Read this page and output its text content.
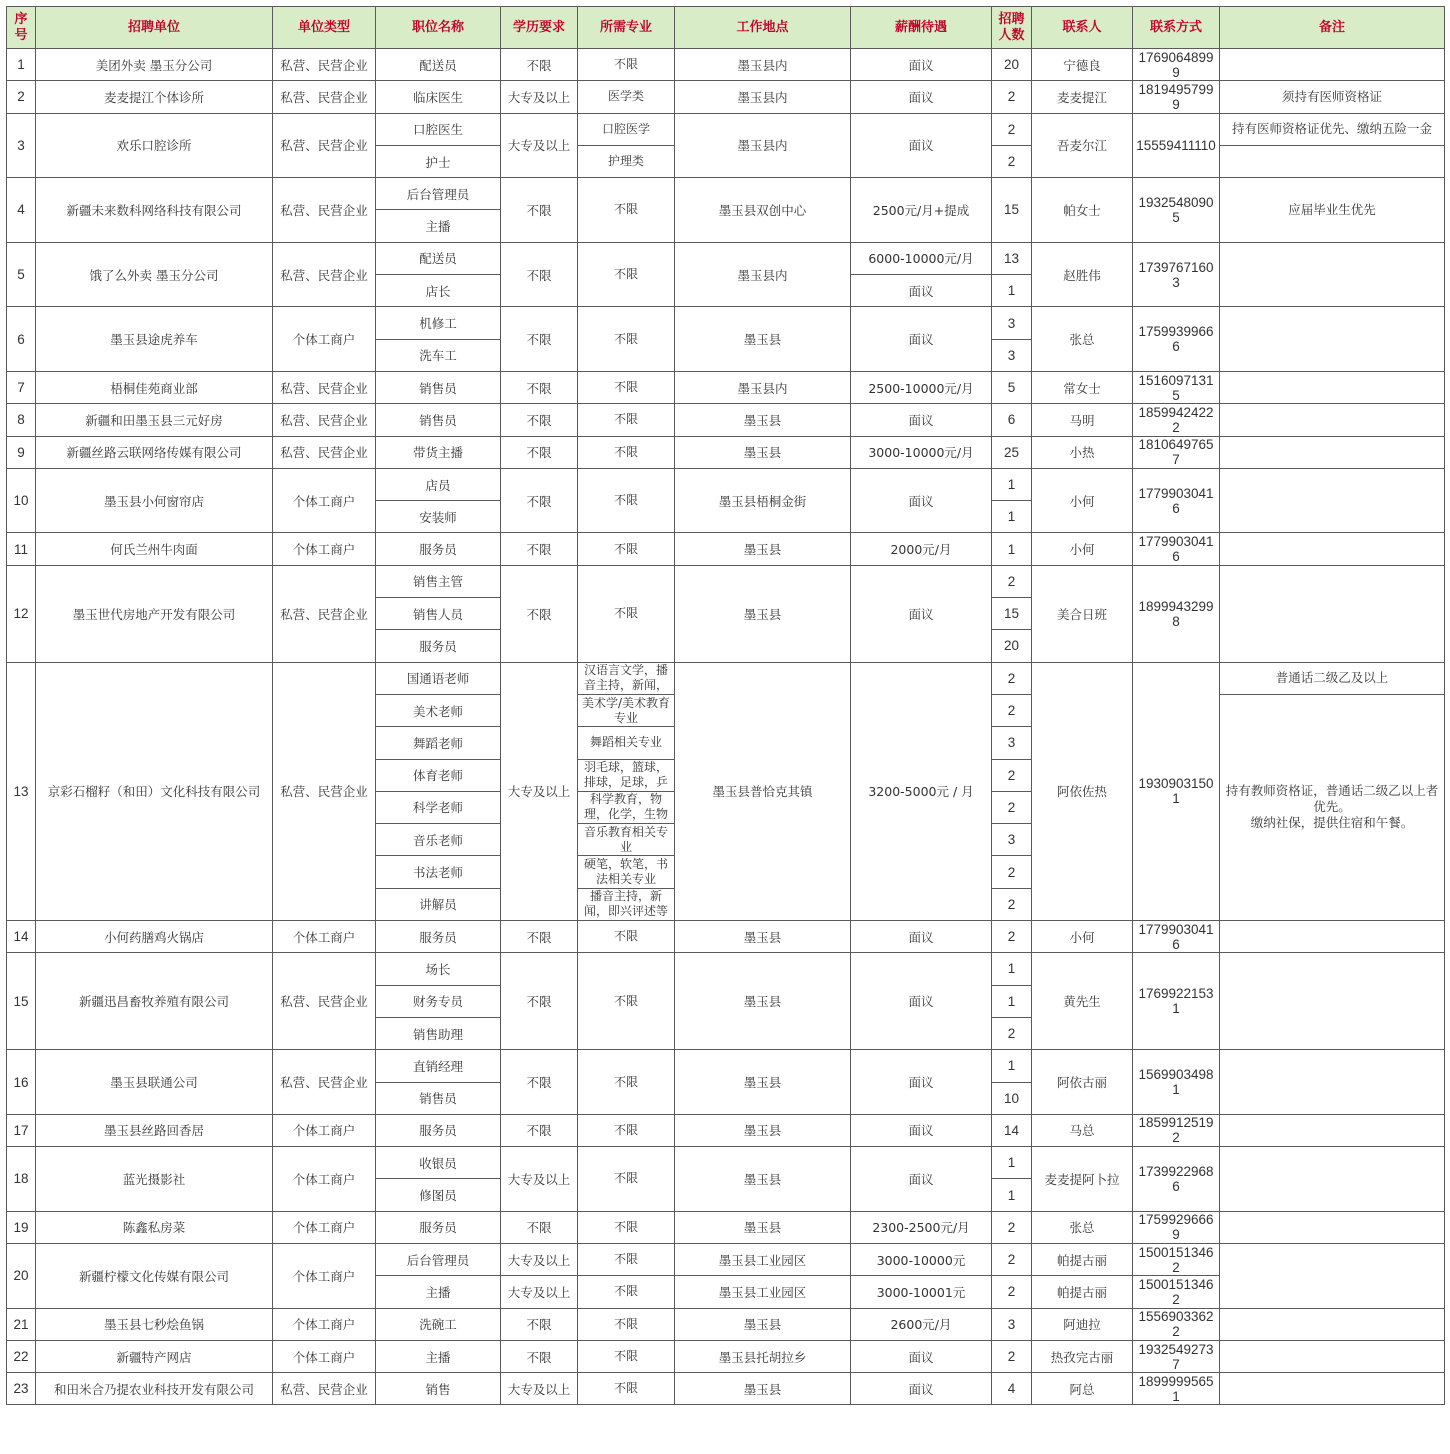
序号	招聘单位	单位类型	职位名称	学历要求	所需专业	工作地点	薪酬待遇	招聘人数	联系人	联系方式	备注
1	美团外卖 墨玉分公司	私营、民营企业	配送员	不限	不限	墨玉县内	面议	20	宁德良	17690648999	
2	麦麦提江个体诊所	私营、民营企业	临床医生	大专及以上	医学类	墨玉县内	面议	2	麦麦提江	18194957999	须持有医师资格证
3	欢乐口腔诊所	私营、民营企业	口腔医生	大专及以上	口腔医学	墨玉县内	面议	2	吾麦尔江	15559411110	持有医师资格证优先、缴纳五险一金
			护士		护理类			2			
4	新疆未来数科网络科技有限公司	私营、民营企业	后台管理员	不限	不限	墨玉县双创中心	2500元/月+提成	15	帕女士	19325480905	应届毕业生优先
			主播								
5	饿了么外卖 墨玉分公司	私营、民营企业	配送员	不限	不限	墨玉县内	6000-10000元/月	13	赵胜伟	17397671603	
			店长				面议	1			
6	墨玉县途虎养车	个体工商户	机修工	不限	不限	墨玉县	面议	3	张总	17599399666	
			洗车工					3			
7	梧桐佳苑商业部	私营、民营企业	销售员	不限	不限	墨玉县内	2500-10000元/月	5	常女士	15160971315	
8	新疆和田墨玉县三元好房	私营、民营企业	销售员	不限	不限	墨玉县	面议	6	马明	18599424222	
9	新疆丝路云联网络传媒有限公司	私营、民营企业	带货主播	不限	不限	墨玉县	3000-10000元/月	25	小热	18106497657	
10	墨玉县小何窗帘店	个体工商户	店员	不限	不限	墨玉县梧桐金街	面议	1	小何	17799030416	
			安装师					1			
11	何氏兰州牛肉面	个体工商户	服务员	不限	不限	墨玉县	2000元/月	1	小何	17799030416	
12	墨玉世代房地产开发有限公司	私营、民营企业	销售主管	不限	不限	墨玉县	面议	2	美合日班	18999432998	
			销售人员					15			
			服务员					20			
13	京彩石榴籽（和田）文化科技有限公司	私营、民营企业	国通语老师	大专及以上	汉语言文学，播音主持，新闻，	墨玉县普恰克其镇	3200-5000元 / 月	2	阿依佐热	19309031501	普通话二级乙及以上
			美术老师		美术学/美术教育专业			2			持有教师资格证，普通话二级乙以上者优先。
缴纳社保，提供住宿和午餐。

			舞蹈老师		舞蹈相关专业			3			
			体育老师		羽毛球，篮球，排球，足球，乒			2			
			科学老师		科学教育，物理，化学，生物			2			
			音乐老师		音乐教育相关专业			3			
			书法老师		硬笔，软笔，书法相关专业			2			
			讲解员		播音主持，新闻，即兴评述等			2			
14	小何药膳鸡火锅店	个体工商户	服务员	不限	不限	墨玉县	面议	2	小何	17799030416	
15	新疆迅昌畜牧养殖有限公司	私营、民营企业	场长	不限	不限	墨玉县	面议	1	黄先生	17699221531	
			财务专员					1			
			销售助理					2			
16	墨玉县联通公司	私营、民营企业	直销经理	不限	不限	墨玉县	面议	1	阿依古丽	15699034981	
			销售员					10			
17	墨玉县丝路回香居	个体工商户	服务员	不限	不限	墨玉县	面议	14	马总	18599125192	
18	蓝光摄影社	个体工商户	收银员	大专及以上	不限	墨玉县	面议	1	麦麦提阿卜拉	17399229686	
			修图员					1			
19	陈鑫私房菜	个体工商户	服务员	不限	不限	墨玉县	2300-2500元/月	2	张总	17599296669	
20	新疆柠檬文化传媒有限公司	个体工商户	后台管理员	大专及以上	不限	墨玉县工业园区	3000-10000元	2	帕提古丽	15001513462	
			主播	大专及以上	不限	墨玉县工业园区	3000-10001元	2	帕提古丽	15001513462	
21	墨玉县七秒烩鱼锅	个体工商户	洗碗工	不限	不限	墨玉县	2600元/月	3	阿迪拉	15569033622	
22	新疆特产网店	个体工商户	主播	不限	不限	墨玉县托胡拉乡	面议	2	热孜完古丽	19325492737	
23	和田米合乃提农业科技开发有限公司	私营、民营企业	销售	大专及以上	不限	墨玉县	面议	4	阿总	18999995651	
